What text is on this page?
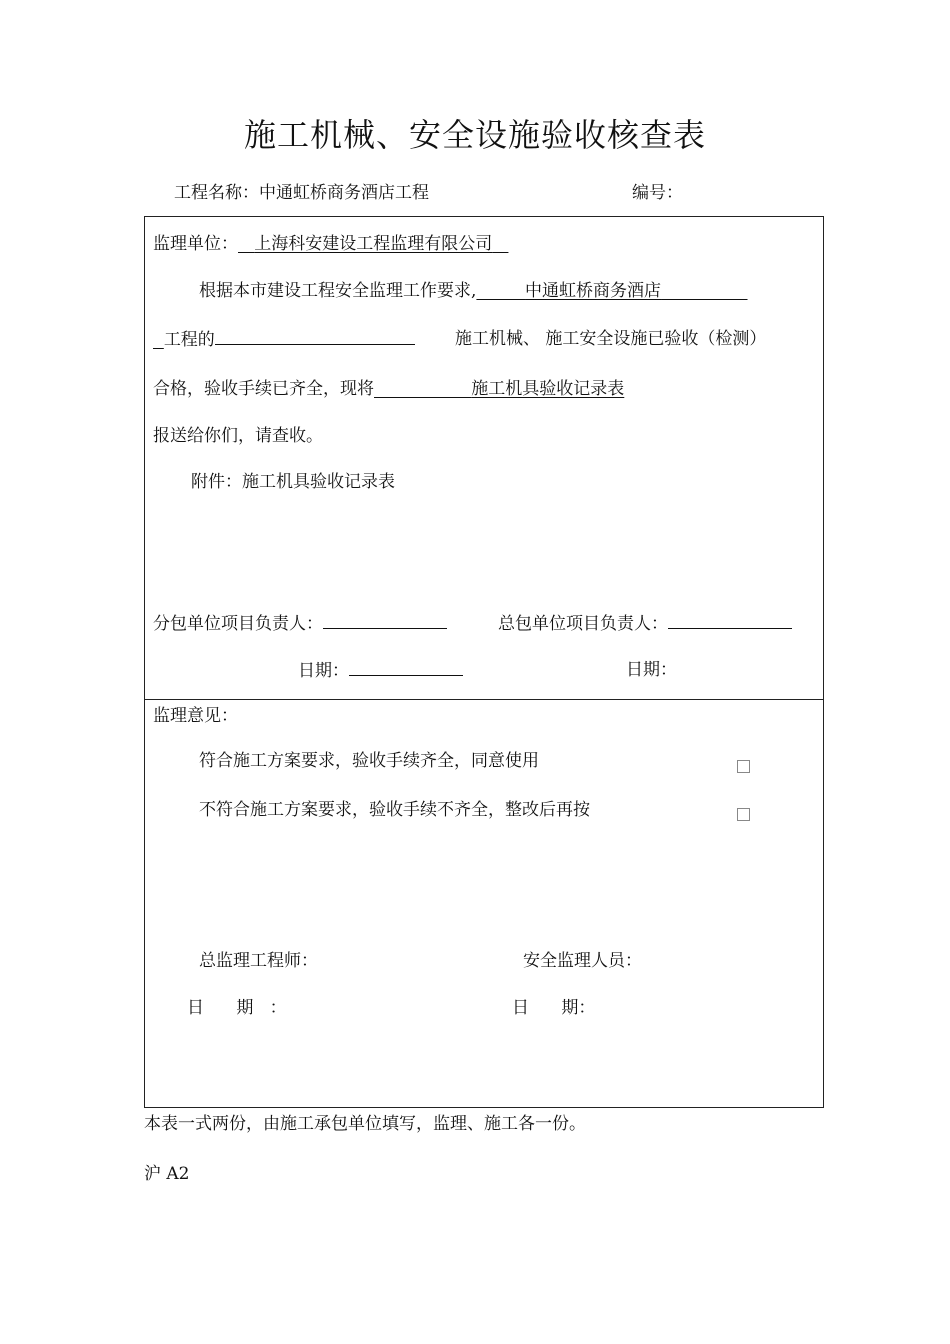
施工机械、安全设施验收核查表
工程名称：中通虹桥商务酒店工程	编号：
监理单位： 上海科安建设工程监理有限公司
根据本市建设工程安全监理工作要求,	中通虹桥商务酒店
工程的	施工机械、 施工安全设施已验收（检测）
合格，验收手续已齐全，现将	施工机具验收记录表
报送给你们，请查收。
附件：施工机具验收记录表
分包单位项目负责人：	总包单位项目负责人：
日期：	日期：
监理意见：
符合施工方案要求，验收手续齐全，同意使用
不符合施工方案要求，验收手续不齐全，整改后再按
总监理工程师：	安全监理人员：
日      期   ：	日      期：
本表一式两份，由施工承包单位填写，监理、施工各一份。
沪 A2
